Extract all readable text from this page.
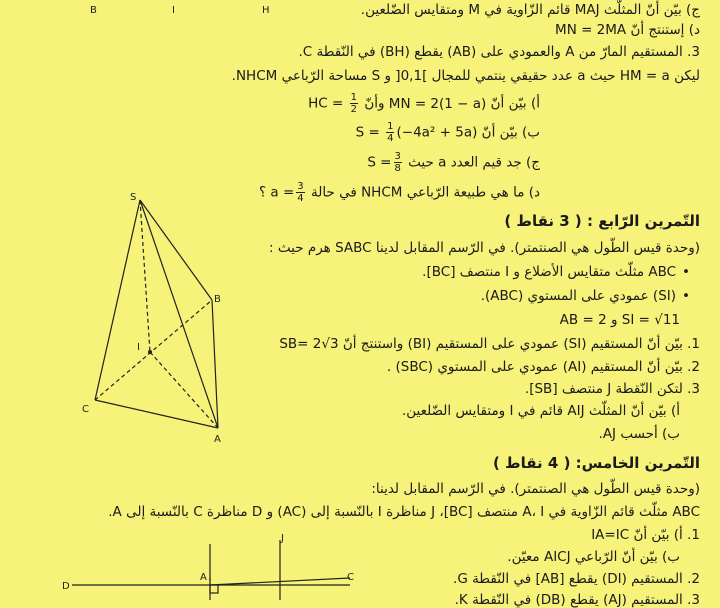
B	I	H	ج) بيّن أنّ المثلّث MAJ قائم الزّاوية في M ومتقايس الضّلعين.
د) إستنتج أنّ MN = 2MA
3. المستقيم المارّ من A والعمودي على (AB) يقطع (BH) في النّقطة C.
ليكن HM = a حيث a عدد حقيقي ينتمي للمجال ]0,1[ و S مساحة الرّباعي NHCM.
أ) بيّن أنّ MN = 2(1 − a) وأنّ HC = $\frac{1}{2}$
ب) بيّن أنّ $S = \frac{1}{4} (-4a^2 + 5a)$
ج) جد قيم العدد a حيث $S = \frac{3}{8}$
د) ما هي طبيعة الرّباعي NHCM في حالة $a = \frac{3}{4}$
؟
التّمرين الرّابع : ( 3 نقاط )
(وحدة قيس الطّول هي الصنتمتر). في الرّسم المقابل لدينا SABC هرم حيث :
• ABC مثلّث متقايس الأضلاع و I منتصف [BC].
• (SI) عمودي على المستوي (ABC).
SI = √11 و AB = 2
1. بيّن أنّ المستقيم (SI) عمودي على المستقيم (BI) واستنتج أنّ SB= 2√3
2. بيّن أنّ المستقيم (AI) عمودي على المستوي (SBC) .
3. لتكن النّقطة J منتصف [SB].
أ) بيّن أنّ المثلّث AIJ قائم في I ومتقايس الضّلعين.
ب) أحسب AJ.
التّمرين الخامس: ( 4 نقاط )
(وحدة قيس الطّول هي الصنتمتر). في الرّسم المقابل لدينا:
ABC مثلّث قائم الزّاوية في A، I منتصف [BC]، J مناظرة I بالنّسبة إلى (AC) و D مناظرة C بالنّسبة إلى A.
1. أ) بيّن أنّ IA=IC
ب) بيّن أنّ الرّباعي AICJ معيّن.
2. المستقيم (DI) يقطع [AB] في النّقطة G.
3. المستقيم (AJ) يقطع (DB) في النّقطة K.
S
B
I
C
A
J
A	C
D
